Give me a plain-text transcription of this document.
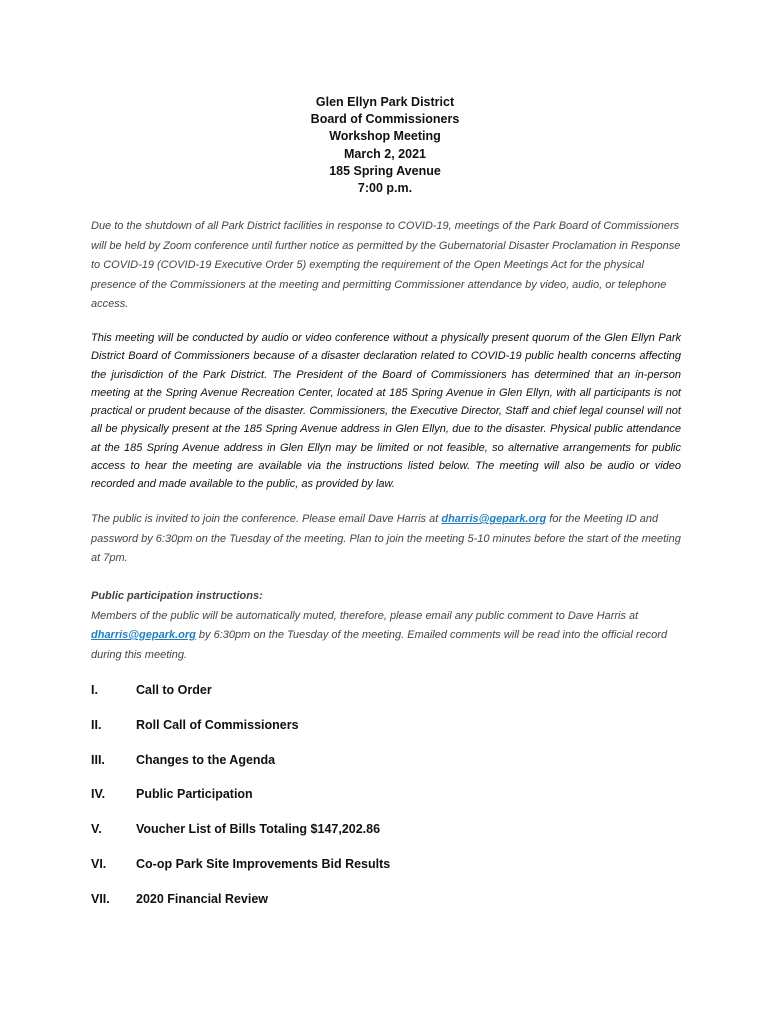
Glen Ellyn Park District
Board of Commissioners
Workshop Meeting
March 2, 2021
185 Spring Avenue
7:00 p.m.

Due to the shutdown of all Park District facilities in response to COVID-19, meetings of the Park Board of Commissioners will be held by Zoom conference until further notice as permitted by the Gubernatorial Disaster Proclamation in Response to COVID-19 (COVID-19 Executive Order 5) exempting the requirement of the Open Meetings Act for the physical presence of the Commissioners at the meeting and permitting Commissioner attendance by video, audio, or telephone access.

This meeting will be conducted by audio or video conference without a physically present quorum of the Glen Ellyn Park District Board of Commissioners because of a disaster declaration related to COVID-19 public health concerns affecting the jurisdiction of the Park District. The President of the Board of Commissioners has determined that an in-person meeting at the Spring Avenue Recreation Center, located at 185 Spring Avenue in Glen Ellyn, with all participants is not practical or prudent because of the disaster. Commissioners, the Executive Director, Staff and chief legal counsel will not all be physically present at the 185 Spring Avenue address in Glen Ellyn, due to the disaster. Physical public attendance at the 185 Spring Avenue address in Glen Ellyn may be limited or not feasible, so alternative arrangements for public access to hear the meeting are available via the instructions listed below. The meeting will also be audio or video recorded and made available to the public, as provided by law.

The public is invited to join the conference. Please email Dave Harris at dharris@gepark.org for the Meeting ID and password by 6:30pm on the Tuesday of the meeting. Plan to join the meeting 5-10 minutes before the start of the meeting at 7pm.

Public participation instructions:
Members of the public will be automatically muted, therefore, please email any public comment to Dave Harris at dharris@gepark.org by 6:30pm on the Tuesday of the meeting. Emailed comments will be read into the official record during this meeting.

I.	Call to Order
II.	Roll Call of Commissioners
III.	Changes to the Agenda
IV.	Public Participation
V.	Voucher List of Bills Totaling $147,202.86
VI.	Co-op Park Site Improvements Bid Results
VII.	2020 Financial Review
